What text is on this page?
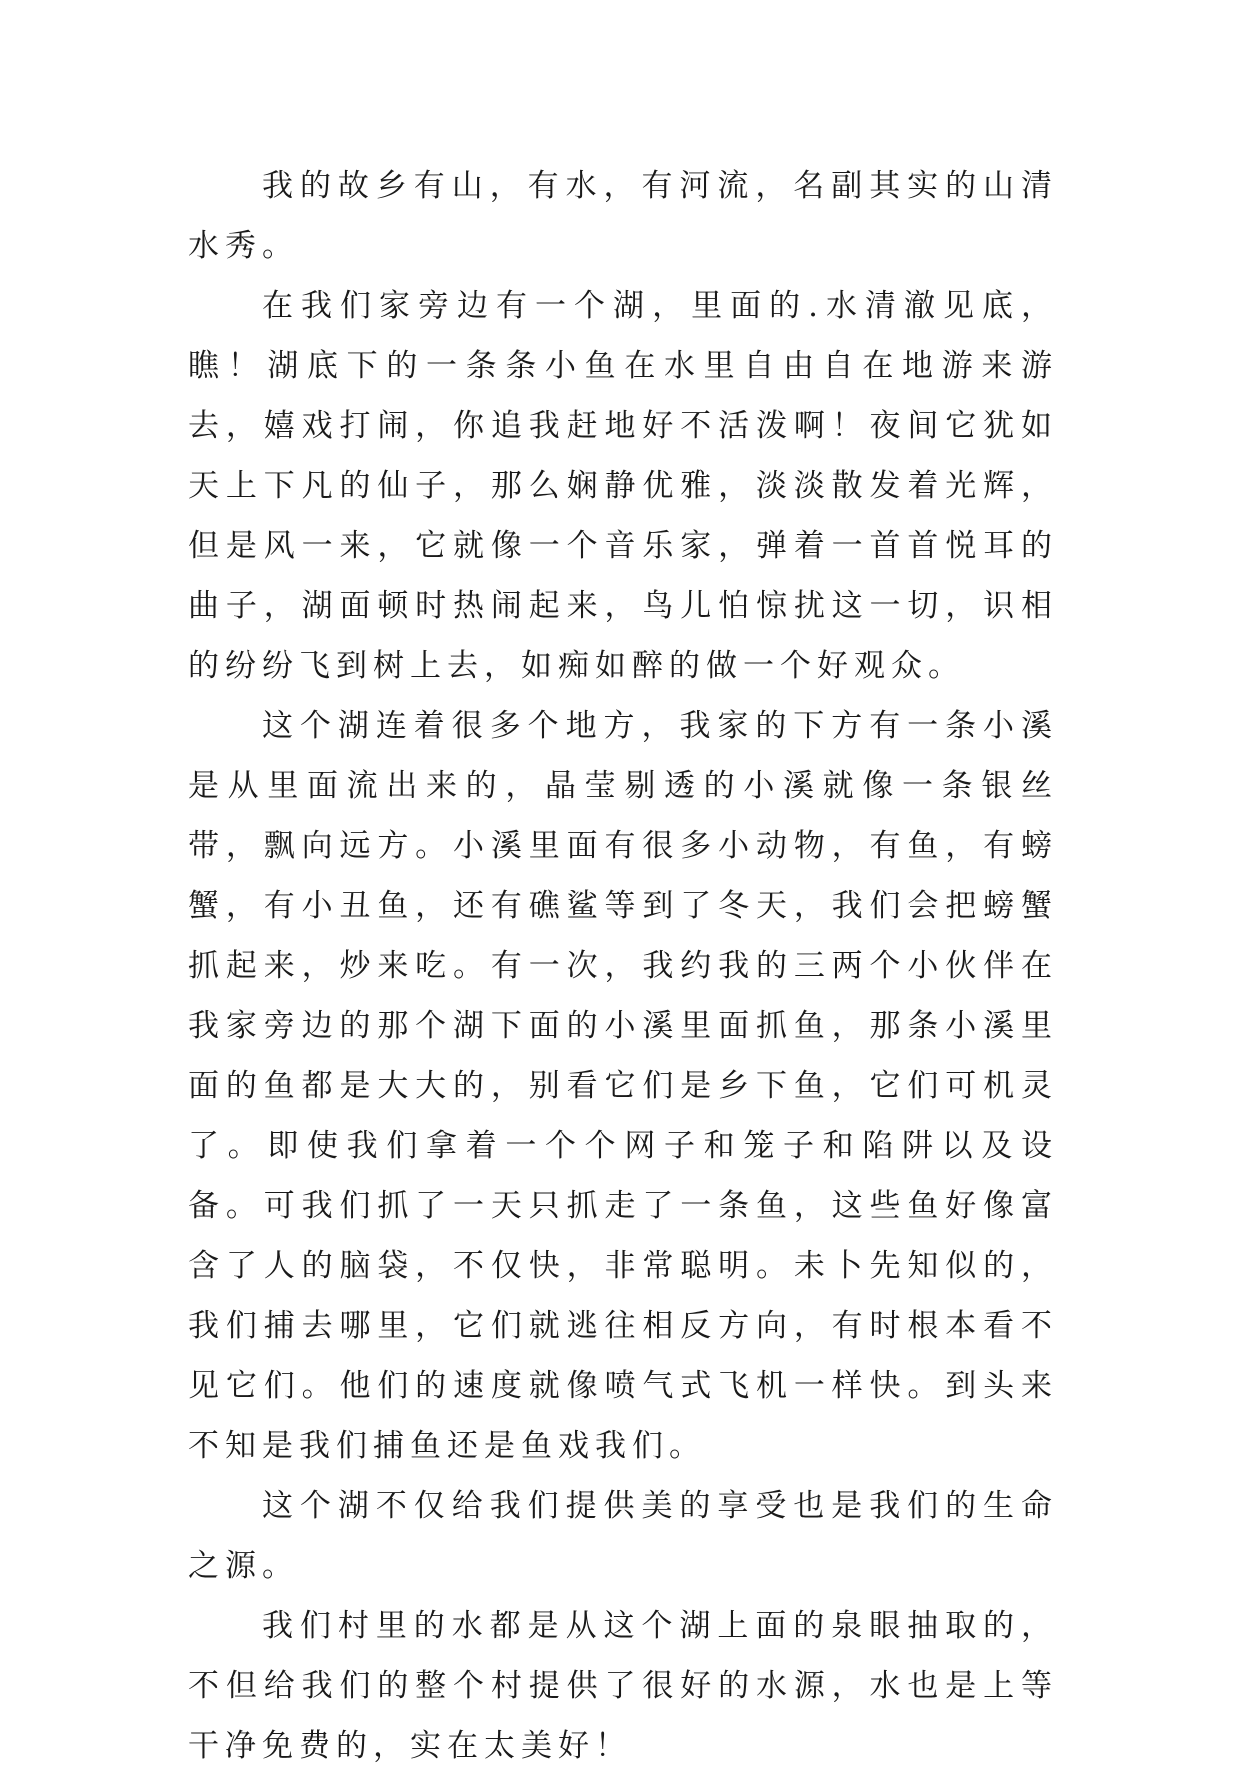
我的故乡有山，有水，有河流，名副其实的山清水秀。

在我们家旁边有一个湖，里面的.水清澈见底，瞧！湖底下的一条条小鱼在水里自由自在地游来游去，嬉戏打闹，你追我赶地好不活泼啊！夜间它犹如天上下凡的仙子，那么娴静优雅，淡淡散发着光辉，但是风一来，它就像一个音乐家，弹着一首首悦耳的曲子，湖面顿时热闹起来，鸟儿怕惊扰这一切，识相的纷纷飞到树上去，如痴如醉的做一个好观众。

这个湖连着很多个地方，我家的下方有一条小溪是从里面流出来的，晶莹剔透的小溪就像一条银丝带，飘向远方。小溪里面有很多小动物，有鱼，有螃蟹，有小丑鱼，还有礁鲨等到了冬天，我们会把螃蟹抓起来，炒来吃。有一次，我约我的三两个小伙伴在我家旁边的那个湖下面的小溪里面抓鱼，那条小溪里面的鱼都是大大的，别看它们是乡下鱼，它们可机灵了。即使我们拿着一个个网子和笼子和陷阱以及设备。可我们抓了一天只抓走了一条鱼，这些鱼好像富含了人的脑袋，不仅快，非常聪明。未卜先知似的，我们捕去哪里，它们就逃往相反方向，有时根本看不见它们。他们的速度就像喷气式飞机一样快。到头来不知是我们捕鱼还是鱼戏我们。

这个湖不仅给我们提供美的享受也是我们的生命之源。

我们村里的水都是从这个湖上面的泉眼抽取的，不但给我们的整个村提供了很好的水源，水也是上等干净免费的，实在太美好！
